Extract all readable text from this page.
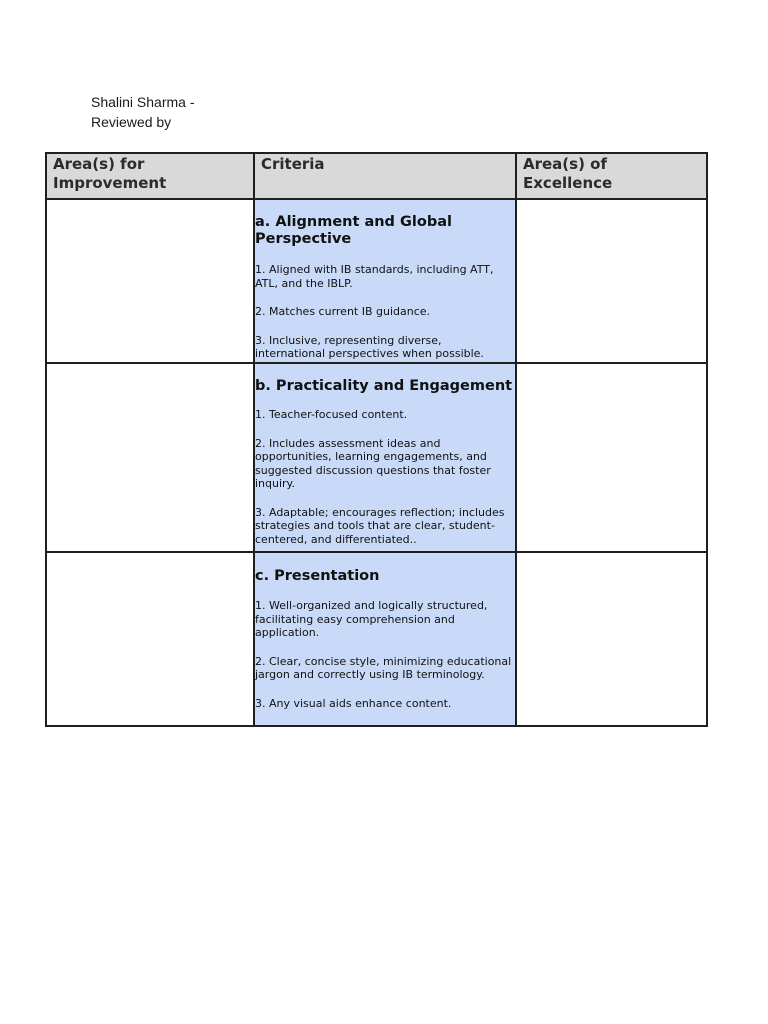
Shalini Sharma -
Reviewed by
Area(s) for Improvement	Criteria	Area(s) of Excellence

	a. Alignment and Global Perspective

1. Aligned with IB standards, including ATT, ATL, and the IBLP.

2. Matches current IB guidance.

3. Inclusive, representing diverse, international perspectives when possible.	

	b. Practicality and Engagement

1. Teacher-focused content.

2. Includes assessment ideas and opportunities, learning engagements, and suggested discussion questions that foster inquiry.

3. Adaptable; encourages reflection; includes strategies and tools that are clear, student-centered, and differentiated..	

	c. Presentation

1. Well-organized and logically structured, facilitating easy comprehension and application.

2. Clear, concise style, minimizing educational jargon and correctly using IB terminology.

3. Any visual aids enhance content.	
